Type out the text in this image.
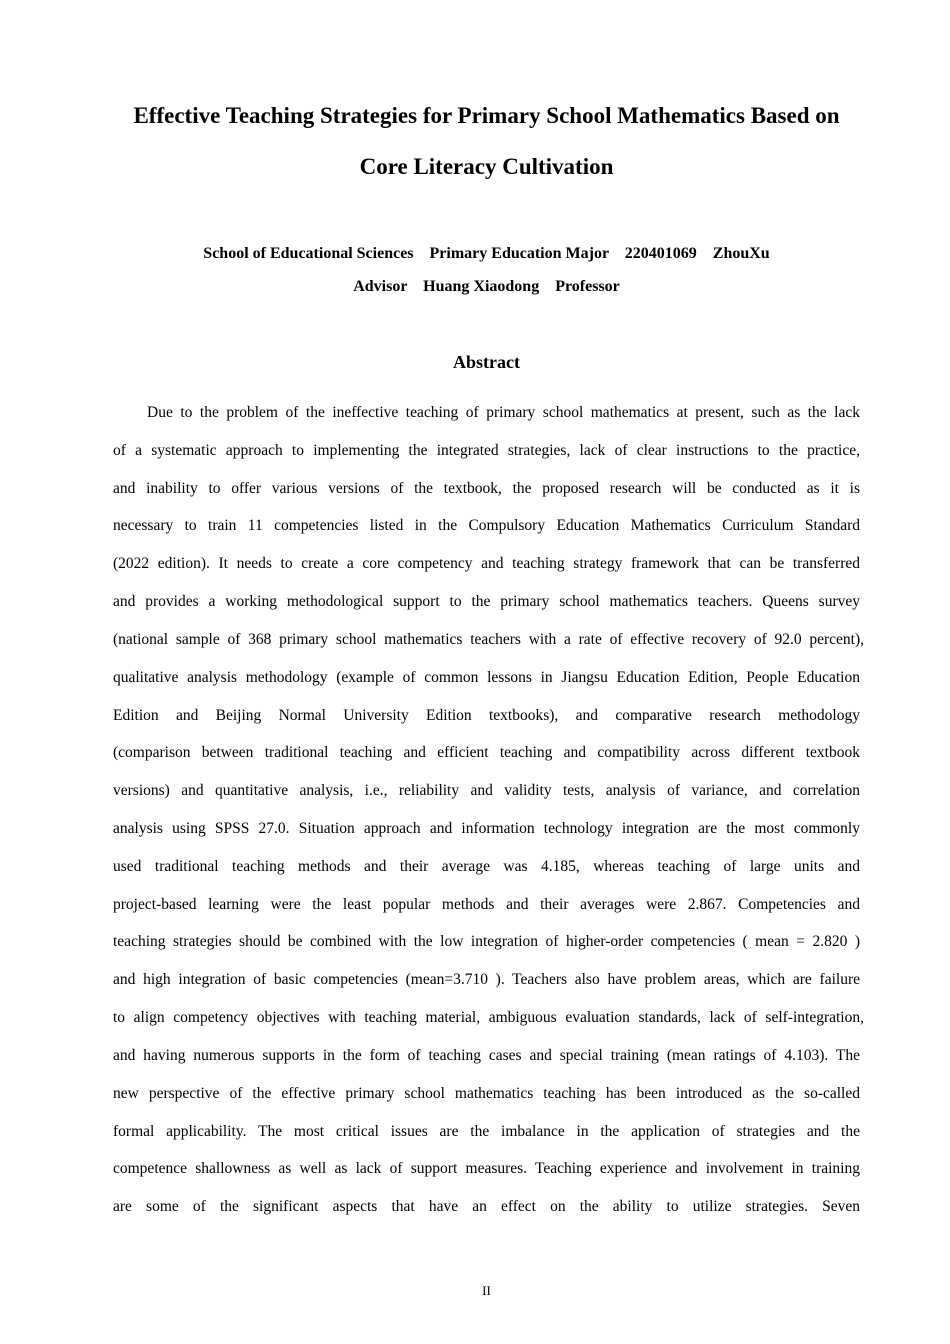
Effective Teaching Strategies for Primary School Mathematics Based on
Core Literacy Cultivation
School of Educational Sciences    Primary Education Major    220401069    ZhouXu
Advisor    Huang Xiaodong    Professor
Abstract
Due to the problem of the ineffective teaching of primary school mathematics at present, such as the lack
of a systematic approach to implementing the integrated strategies, lack of clear instructions to the practice,
and inability to offer various versions of the textbook, the proposed research will be conducted as it is
necessary to train 11 competencies listed in the Compulsory Education Mathematics Curriculum Standard
(2022 edition). It needs to create a core competency and teaching strategy framework that can be transferred
and provides a working methodological support to the primary school mathematics teachers. Queens survey
(national sample of 368 primary school mathematics teachers with a rate of effective recovery of 92.0 percent),
qualitative analysis methodology (example of common lessons in Jiangsu Education Edition, People Education
Edition and Beijing Normal University Edition textbooks), and comparative research methodology
(comparison between traditional teaching and efficient teaching and compatibility across different textbook
versions) and quantitative analysis, i.e., reliability and validity tests, analysis of variance, and correlation
analysis using SPSS 27.0. Situation approach and information technology integration are the most commonly
used traditional teaching methods and their average was 4.185, whereas teaching of large units and
project-based learning were the least popular methods and their averages were 2.867. Competencies and
teaching strategies should be combined with the low integration of higher-order competencies ( mean = 2.820 )
and high integration of basic competencies (mean=3.710 ). Teachers also have problem areas, which are failure
to align competency objectives with teaching material, ambiguous evaluation standards, lack of self-integration,
and having numerous supports in the form of teaching cases and special training (mean ratings of 4.103). The
new perspective of the effective primary school mathematics teaching has been introduced as the so-called
formal applicability. The most critical issues are the imbalance in the application of strategies and the
competence shallowness as well as lack of support measures. Teaching experience and involvement in training
are some of the significant aspects that have an effect on the ability to utilize strategies. Seven
II
